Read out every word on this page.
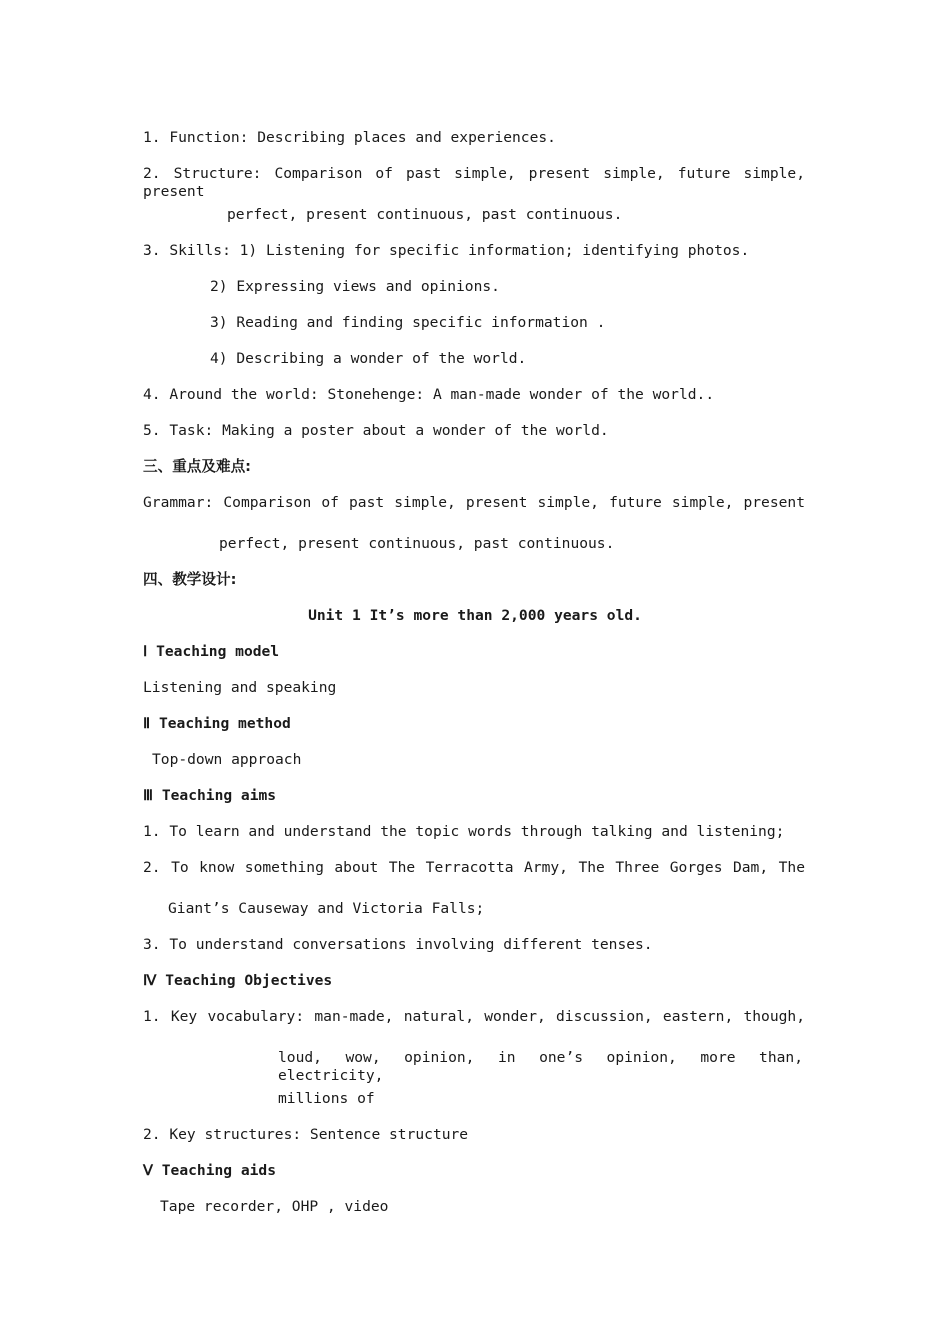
1. Function: Describing places and experiences.
2. Structure: Comparison of past simple, present simple, future simple, present
perfect, present continuous, past continuous.
3. Skills: 1) Listening for specific information; identifying photos.
2) Expressing views and opinions.
3) Reading and finding specific information .
4) Describing a wonder of the world.
4. Around the world: Stonehenge: A man-made wonder of the world..
5. Task: Making a poster about a wonder of the world.
三、重点及难点:
Grammar: Comparison of past simple, present simple, future simple, present
perfect, present continuous, past continuous.
四、教学设计:
Unit 1 It’s more than 2,000 years old.
Ⅰ Teaching model
Listening and speaking
Ⅱ Teaching method
Top-down approach
Ⅲ Teaching aims
1. To learn and understand the topic words through talking and listening;
2. To know something about The Terracotta Army, The Three Gorges Dam, The
Giant’s Causeway and Victoria Falls;
3. To understand conversations involving different tenses.
Ⅳ Teaching Objectives
1. Key vocabulary: man-made, natural, wonder, discussion, eastern, though,
loud, wow, opinion, in one’s opinion, more than, electricity,
millions of
2. Key structures: Sentence structure
Ⅴ Teaching aids
Tape recorder, OHP , video
